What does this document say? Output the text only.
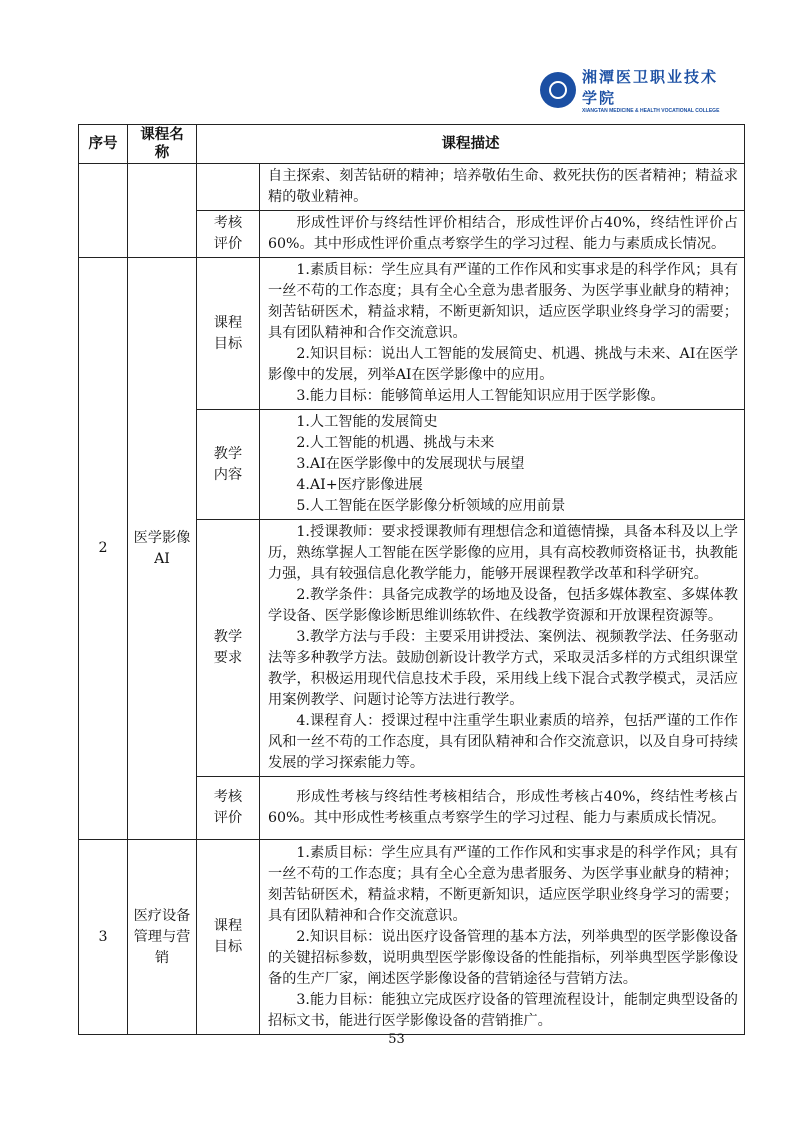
湘潭医卫职业技术学院
XIANGTAN MEDICINE & HEALTH VOCATIONAL COLLEGE
序号	课程名称	课程描述	

			自主探索、刻苦钻研的精神；培养敬佑生命、救死扶伤的医者精神；精益求精的敬业精神。

		考核评价	形成性评价与终结性评价相结合，形成性评价占40%，终结性评价占60%。其中形成性评价重点考察学生的学习过程、能力与素质成长情况。

2	医学影像AI	课程目标	1.素质目标：学生应具有严谨的工作作风和实事求是的科学作风；具有一丝不苟的工作态度；具有全心全意为患者服务、为医学事业献身的精神；刻苦钻研医术，精益求精，不断更新知识，适应医学职业终身学习的需要；具有团队精神和合作交流意识。

2.知识目标：说出人工智能的发展简史、机遇、挑战与未来、AI在医学影像中的发展，列举AI在医学影像中的应用。

3.能力目标：能够简单运用人工智能知识应用于医学影像。

		教学内容	1.人工智能的发展简史

2.人工智能的机遇、挑战与未来

3.AI在医学影像中的发展现状与展望

4.AI+医疗影像进展

5.人工智能在医学影像分析领域的应用前景

		教学要求	1.授课教师：要求授课教师有理想信念和道德情操，具备本科及以上学历，熟练掌握人工智能在医学影像的应用，具有高校教师资格证书，执教能力强，具有较强信息化教学能力，能够开展课程教学改革和科学研究。

2.教学条件：具备完成教学的场地及设备，包括多媒体教室、多媒体教学设备、医学影像诊断思维训练软件、在线教学资源和开放课程资源等。

3.教学方法与手段：主要采用讲授法、案例法、视频教学法、任务驱动法等多种教学方法。鼓励创新设计教学方式，采取灵活多样的方式组织课堂教学，积极运用现代信息技术手段，采用线上线下混合式教学模式，灵活应用案例教学、问题讨论等方法进行教学。

4.课程育人：授课过程中注重学生职业素质的培养，包括严谨的工作作风和一丝不苟的工作态度，具有团队精神和合作交流意识，以及自身可持续发展的学习探索能力等。

		考核评价	形成性考核与终结性考核相结合，形成性考核占40%，终结性考核占60%。其中形成性考核重点考察学生的学习过程、能力与素质成长情况。

3	医疗设备管理与营销	课程目标	1.素质目标：学生应具有严谨的工作作风和实事求是的科学作风；具有一丝不苟的工作态度；具有全心全意为患者服务、为医学事业献身的精神；刻苦钻研医术，精益求精，不断更新知识，适应医学职业终身学习的需要；具有团队精神和合作交流意识。

2.知识目标：说出医疗设备管理的基本方法，列举典型的医学影像设备的关键招标参数，说明典型医学影像设备的性能指标，列举典型医学影像设备的生产厂家，阐述医学影像设备的营销途径与营销方法。

3.能力目标：能独立完成医疗设备的管理流程设计，能制定典型设备的招标文书，能进行医学影像设备的营销推广。

53
